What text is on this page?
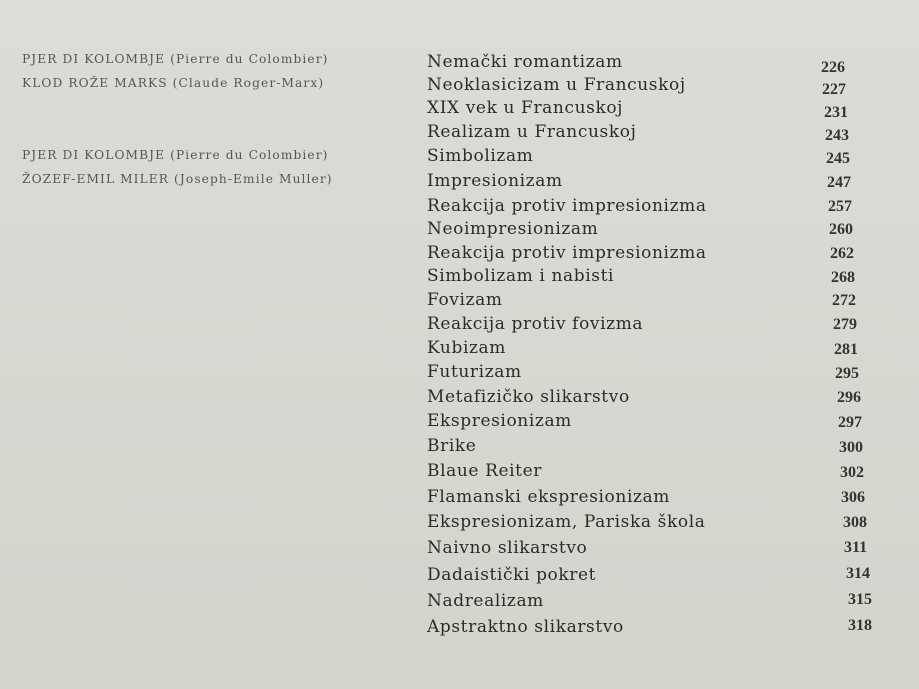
PJER DI KOLOMBJE (Pierre du Colombier)
KLOD ROŽE MARKS (Claude Roger-Marx)
PJER DI KOLOMBJE (Pierre du Colombier)
ŽOZEF-EMIL MILER (Joseph-Emile Muller)
Nemački romantizam	226
Neoklasicizam u Francuskoj	227
XIX vek u Francuskoj	231
Realizam u Francuskoj	243
Simbolizam	245
Impresionizam	247
Reakcija protiv impresionizma	257
Neoimpresionizam	260
Reakcija protiv impresionizma	262
Simbolizam i nabisti	268
Fovizam	272
Reakcija protiv fovizma	279
Kubizam	281
Futurizam	295
Metafizičko slikarstvo	296
Ekspresionizam	297
Brike	300
Blaue Reiter	302
Flamanski ekspresionizam	306
Ekspresionizam, Pariska škola	308
Naivno slikarstvo	311
Dadaistički pokret	314
Nadrealizam	315
Apstraktno slikarstvo	318
